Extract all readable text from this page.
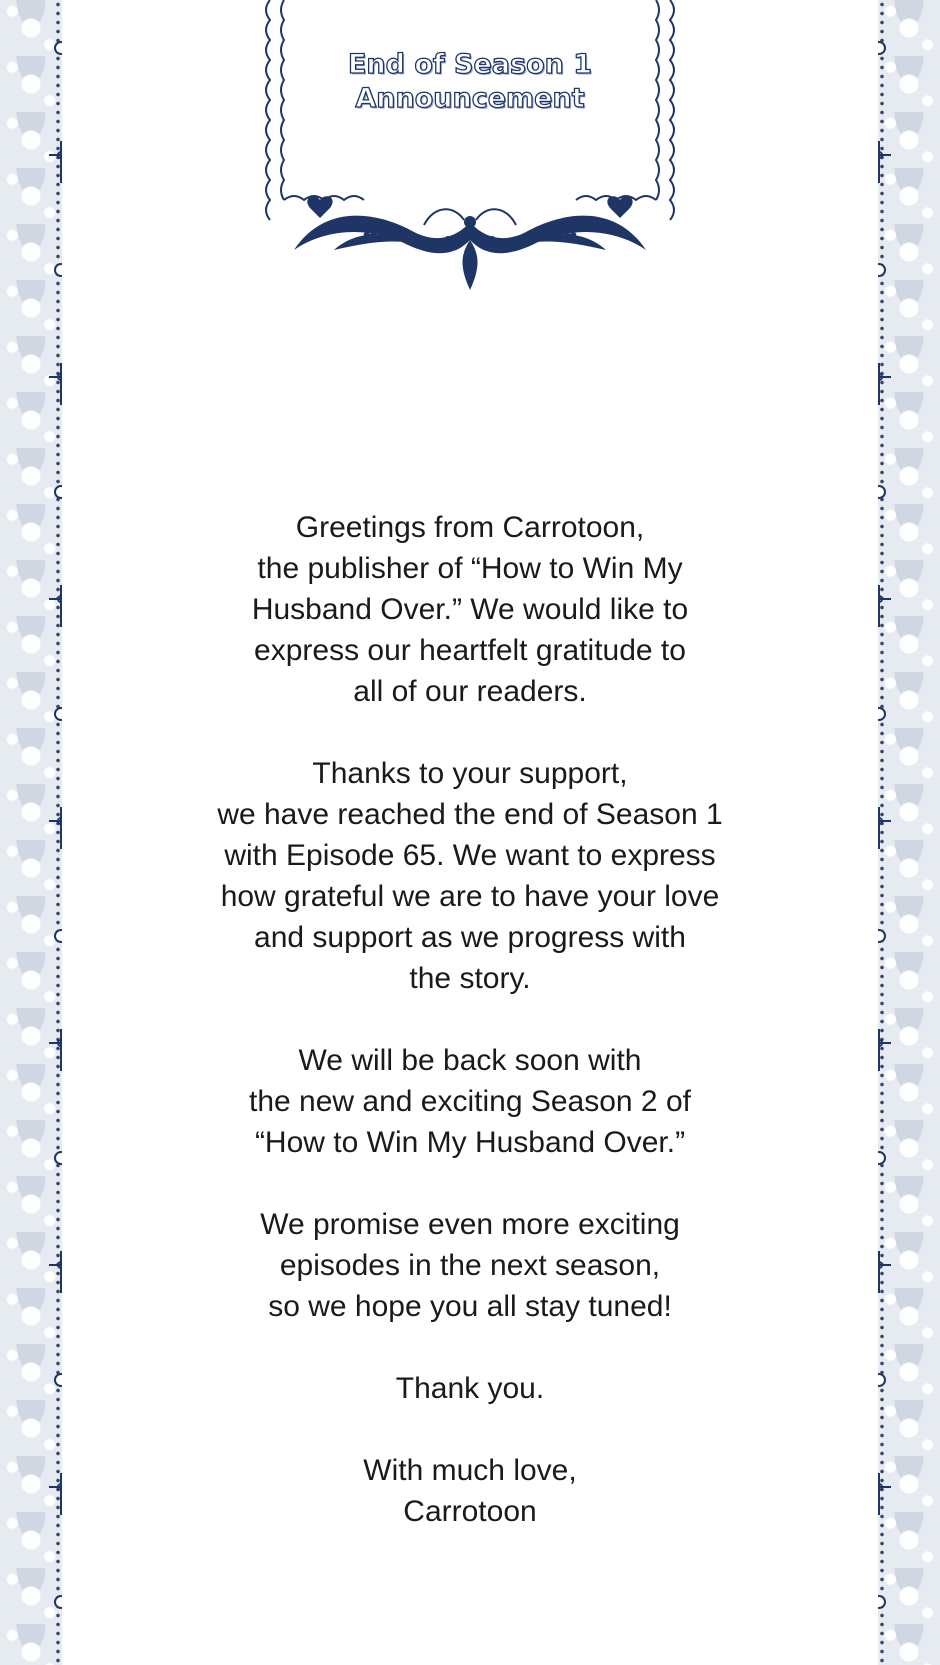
End of Season 1
Announcement
Greetings from Carrotoon,
the publisher of “How to Win My
Husband Over.” We would like to
express our heartfelt gratitude to
all of our readers.
Thanks to your support,
we have reached the end of Season 1
with Episode 65. We want to express
how grateful we are to have your love
and support as we progress with
the story.
We will be back soon with
the new and exciting Season 2 of
“How to Win My Husband Over.”
We promise even more exciting
episodes in the next season,
so we hope you all stay tuned!
Thank you.
With much love,
Carrotoon
